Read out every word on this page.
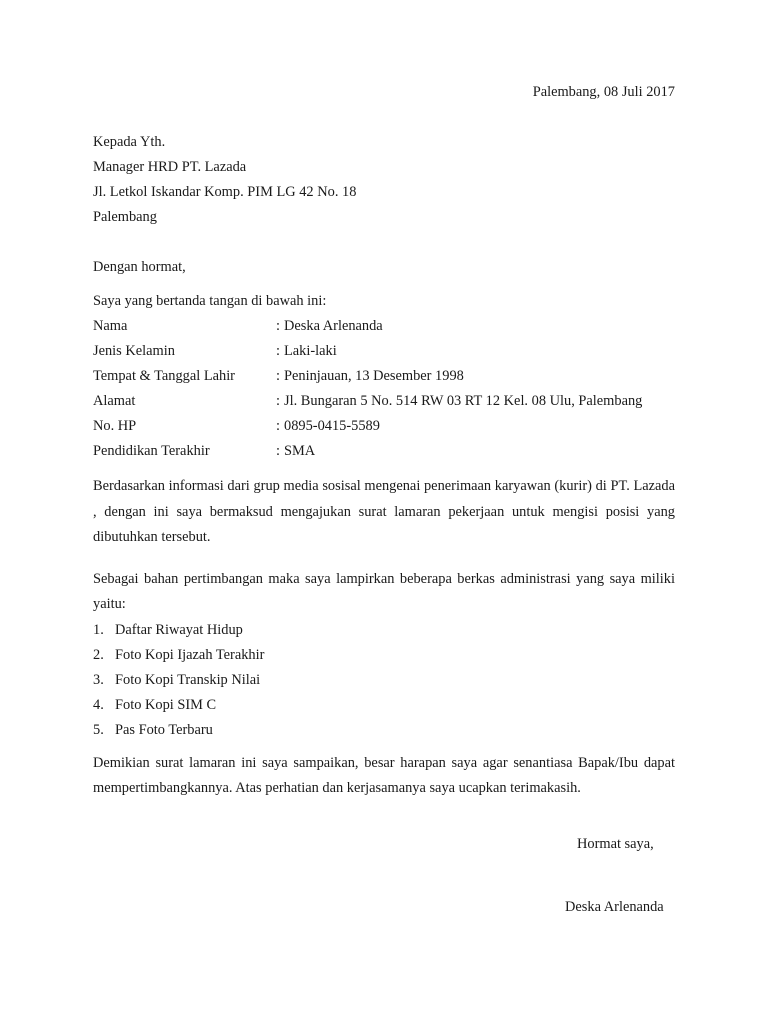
Palembang, 08 Juli 2017
Kepada Yth.
Manager HRD PT. Lazada
Jl. Letkol Iskandar Komp. PIM LG 42 No. 18
Palembang
Dengan hormat,
Saya yang bertanda tangan di bawah ini:
Nama	: Deska Arlenanda
Jenis Kelamin	: Laki-laki
Tempat & Tanggal Lahir	: Peninjauan, 13 Desember 1998
Alamat	: Jl. Bungaran 5 No. 514 RW 03 RT 12 Kel. 08 Ulu, Palembang
No. HP	: 0895-0415-5589
Pendidikan Terakhir	: SMA

Berdasarkan informasi dari grup media sosisal mengenai penerimaan karyawan (kurir) di PT. Lazada , dengan ini saya bermaksud mengajukan surat lamaran pekerjaan untuk mengisi posisi yang dibutuhkan tersebut.

Sebagai bahan pertimbangan maka saya lampirkan beberapa berkas administrasi yang saya miliki yaitu:

1. Daftar Riwayat Hidup
2. Foto Kopi Ijazah Terakhir
3. Foto Kopi Transkip Nilai
4. Foto Kopi SIM C
5. Pas Foto Terbaru

Demikian surat lamaran ini saya sampaikan, besar harapan saya agar senantiasa Bapak/Ibu dapat mempertimbangkannya. Atas perhatian dan kerjasamanya saya ucapkan terimakasih.

Hormat saya,
Deska Arlenanda
